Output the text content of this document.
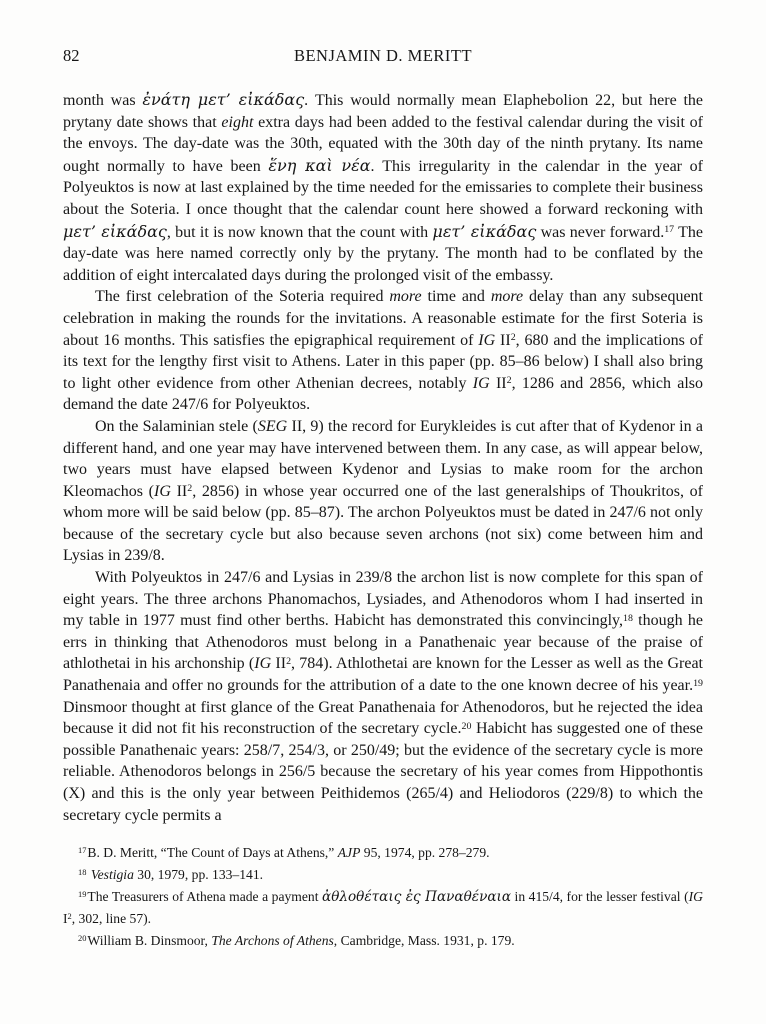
82	BENJAMIN D. MERITT

month was ἐνάτη μετ’ εἰκάδας. This would normally mean Elaphebolion 22, but here the prytany date shows that eight extra days had been added to the festival calendar during the visit of the envoys. The day-date was the 30th, equated with the 30th day of the ninth prytany. Its name ought normally to have been ἕνη καὶ νέα. This irregularity in the calendar in the year of Polyeuktos is now at last explained by the time needed for the emissaries to complete their business about the Soteria. I once thought that the calendar count here showed a forward reckoning with μετ’ εἰκάδας, but it is now known that the count with μετ’ εἰκάδας was never forward.$^{17}$ The day-date was here named correctly only by the prytany. The month had to be conflated by the addition of eight intercalated days during the prolonged visit of the embassy.

The first celebration of the Soteria required more time and more delay than any subsequent celebration in making the rounds for the invitations. A reasonable estimate for the first Soteria is about 16 months. This satisfies the epigraphical requirement of IG $II^2$, 680 and the implications of its text for the lengthy first visit to Athens. Later in this paper (pp. 85–86 below) I shall also bring to light other evidence from other Athenian decrees, notably IG $II^2$, 1286 and 2856, which also demand the date 247/6 for Polyeuktos.

On the Salaminian stele (SEG II, 9) the record for Eurykleides is cut after that of Kydenor in a different hand, and one year may have intervened between them. In any case, as will appear below, two years must have elapsed between Kydenor and Lysias to make room for the archon Kleomachos (IG $II^2$, 2856) in whose year occurred one of the last generalships of Thoukritos, of whom more will be said below (pp. 85–87). The archon Polyeuktos must be dated in 247/6 not only because of the secretary cycle but also because seven archons (not six) come between him and Lysias in 239/8.

With Polyeuktos in 247/6 and Lysias in 239/8 the archon list is now complete for this span of eight years. The three archons Phanomachos, Lysiades, and Athenodoros whom I had inserted in my table in 1977 must find other berths. Habicht has demonstrated this convincingly,$^{18}$ though he errs in thinking that Athenodoros must belong in a Panathenaic year because of the praise of athlothetai in his archonship (IG $II^2$, 784). Athlothetai are known for the Lesser as well as the Great Panathenaia and offer no grounds for the attribution of a date to the one known decree of his year.$^{19}$ Dinsmoor thought at first glance of the Great Panathenaia for Athenodoros, but he rejected the idea because it did not fit his reconstruction of the secretary cycle.$^{20}$ Habicht has suggested one of these possible Panathenaic years: 258/7, 254/3, or 250/49; but the evidence of the secretary cycle is more reliable. Athenodoros belongs in 256/5 because the secretary of his year comes from Hippothontis (X) and this is the only year between Peithidemos (265/4) and Heliodoros (229/8) to which the secretary cycle permits a

$^{17}$B. D. Meritt, “The Count of Days at Athens,” AJP 95, 1974, pp. 278–279.

$^{18}$ Vestigia 30, 1979, pp. 133–141.

$^{19}$The Treasurers of Athena made a payment ἀθλοθέταις ἐς Παναθέναια in 415/4, for the lesser festival (IG $I^2$, 302, line 57).

$^{20}$William B. Dinsmoor, The Archons of Athens, Cambridge, Mass. 1931, p. 179.
